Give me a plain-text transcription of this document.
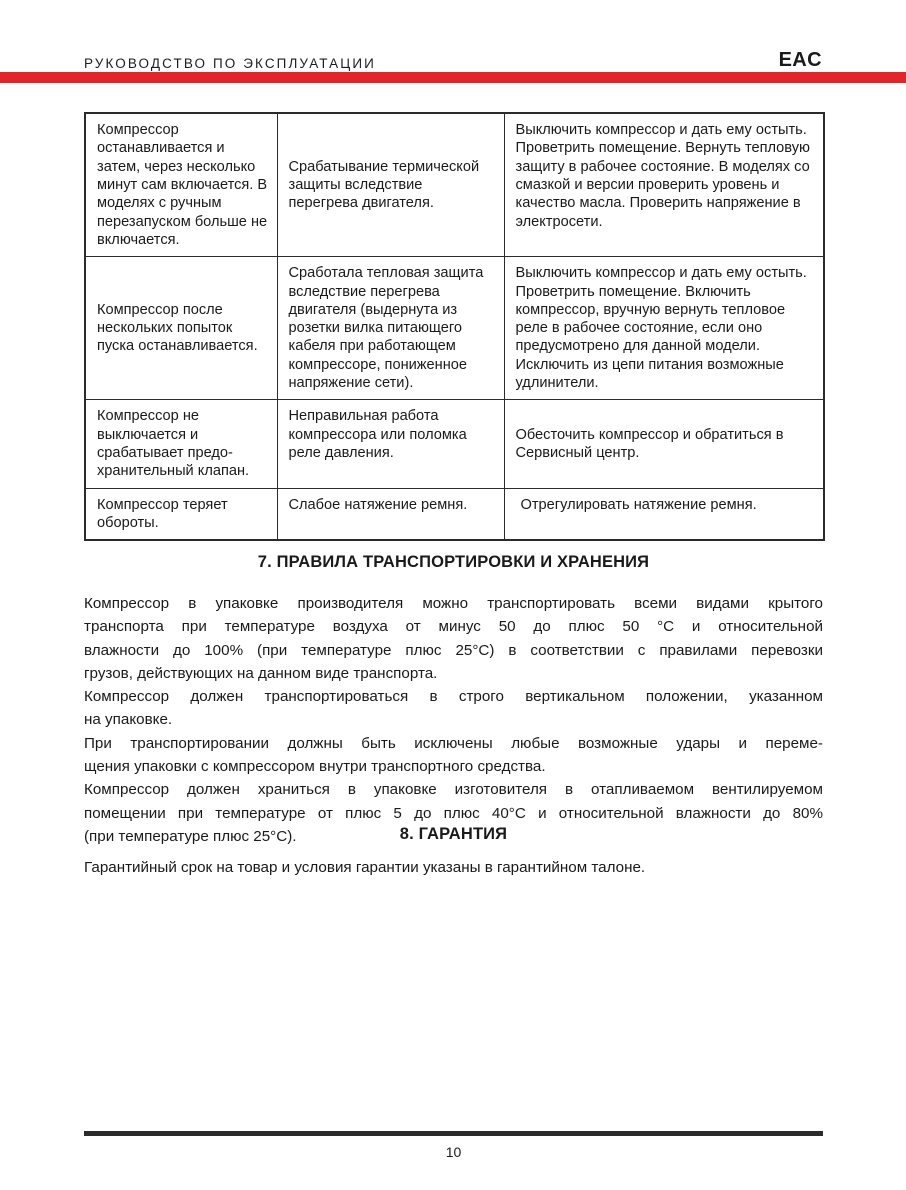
РУКОВОДСТВО ПО ЭКСПЛУАТАЦИИ	EAC
Компрессор останавливается и затем, через несколько минут сам включается. В моделях с ручным перезапуском больше не включается.	Срабатывание термической защиты вследствие перегрева двигателя.	Выключить компрессор и дать ему остыть. Проветрить помещение. Вернуть тепловую защиту в рабочее состояние. В моделях со смазкой и версии проверить уровень и качество масла. Проверить напряжение в электросети.
Компрессор после нескольких попыток пуска останавливается.	Сработала тепловая защита вследствие перегрева двигателя (выдернута из розетки вилка питающего кабеля при работающем компрессоре, пониженное напряжение сети).	Выключить компрессор и дать ему остыть. Проветрить помещение. Включить компрессор, вручную вернуть тепловое реле в рабочее состояние, если оно предусмотрено для данной модели. Исключить из цепи питания возможные удлинители.
Компрессор не выключается и срабатывает предо- хранительный клапан.	Неправильная работа компрессора или поломка реле давления.	Обесточить компрессор и обратиться в Сервисный центр.
Компрессор теряет обороты.	Слабое натяжение ремня.	Отрегулировать натяжение ремня.
7. ПРАВИЛА ТРАНСПОРТИРОВКИ И ХРАНЕНИЯ

Компрессор в упаковке производителя можно транспортировать всеми видами крытого
транспорта при температуре воздуха от минус 50 до плюс 50 °С и относительной
влажности до 100% (при температуре плюс 25°С) в соответствии с правилами перевозки
грузов, действующих на данном виде транспорта.

Компрессор должен транспортироваться в строго вертикальном положении, указанном
на упаковке.

При транспортировании должны быть исключены любые возможные удары и переме-
щения упаковки с компрессором внутри транспортного средства.

Компрессор должен храниться в упаковке изготовителя в отапливаемом вентилируемом
помещении при температуре от плюс 5 до плюс 40°С и относительной влажности до 80%
(при температуре плюс 25°С).	8. ГАРАНТИЯ

Гарантийный срок на товар и условия гарантии указаны в гарантийном талоне.

10
